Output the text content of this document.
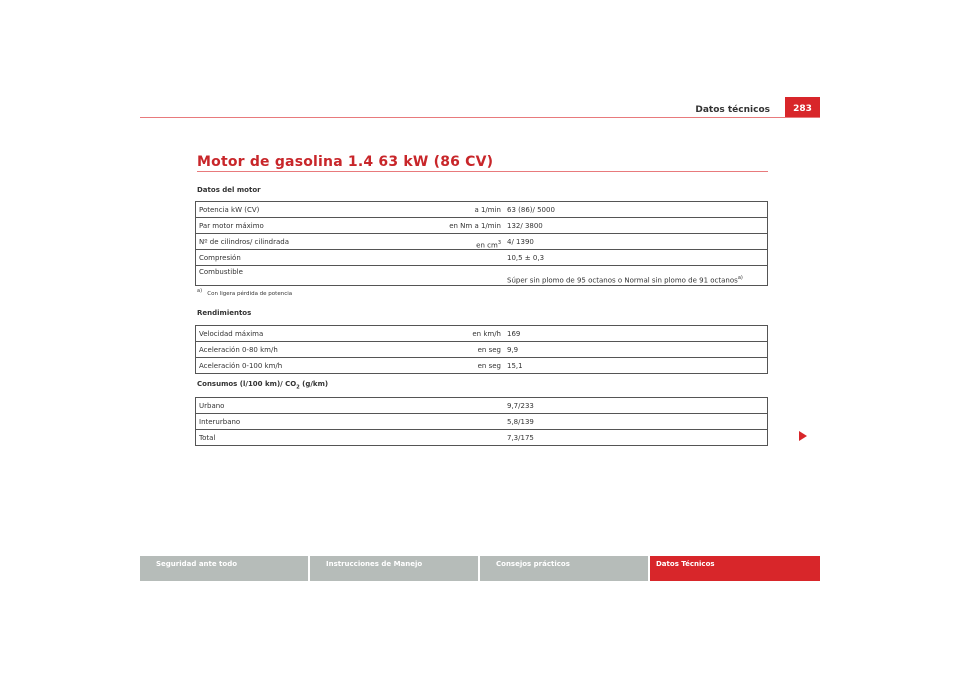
Datos técnicos	283
Motor de gasolina 1.4 63 kW (86 CV)
Datos del motor
Potencia kW (CV)	a 1/min	63 (86)/ 5000
Par motor máximo	en Nm a 1/min	132/ 3800
Nº de cilindros/ cilindrada	en $cm^3$	4/ 1390
Compresión		10,5 ± 0,3
Combustible		Súper sin plomo de 95 octanos o Normal sin plomo de 91 octanos$^{a)}$
$^{a)}$ Con ligera pérdida de potencia
Rendimientos
Velocidad máxima	en km/h	169
Aceleración 0-80 km/h	en seg	9,9
Aceleración 0-100 km/h	en seg	15,1
Consumos (l/100 km)/ $CO_2$ (g/km)
Urbano		9,7/233
Interurbano		5,8/139
Total		7,3/175
Seguridad ante todo	Instrucciones de Manejo	Consejos prácticos	Datos Técnicos
